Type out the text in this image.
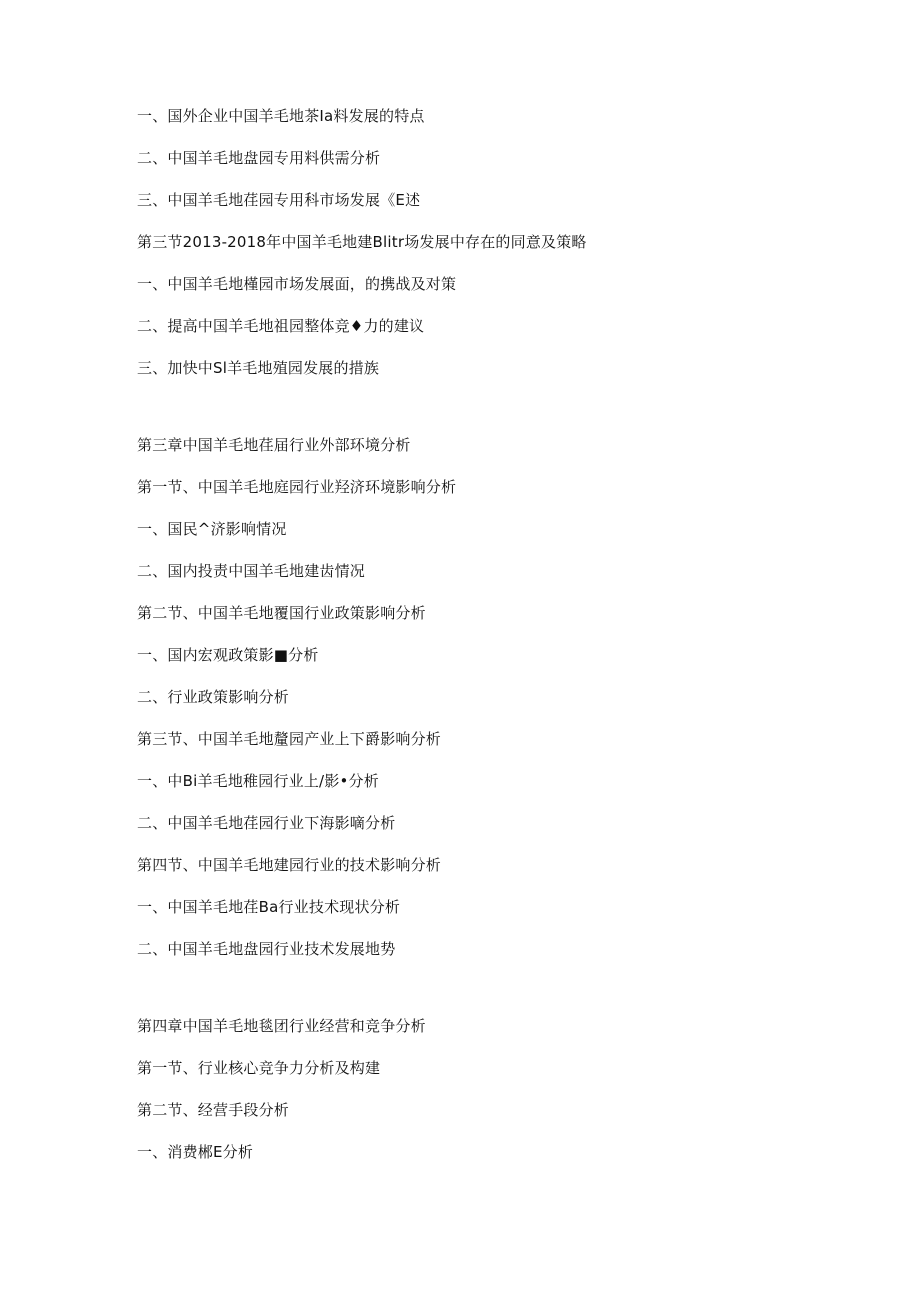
一、国外企业中国羊毛地茶Ia料发展的特点
二、中国羊毛地盘园专用料供需分析
三、中国羊毛地荏园专用科市场发展《E述
第三节2013-2018年中国羊毛地建Blitr场发展中存在的同意及策略
一、中国羊毛地槿园市场发展面，的携战及对策
二、提高中国羊毛地祖园整体竞♦力的建议
三、加快中Sl羊毛地殖园发展的措族
第三章中国羊毛地荏届行业外部环境分析
第一节、中国羊毛地庭园行业羟济环境影响分析
一、国民^济影响情况
二、国内投责中国羊毛地建齿情况
第二节、中国羊毛地覆国行业政策影响分析
一、国内宏观政策影■分析
二、行业政策影响分析
第三节、中国羊毛地釐园产业上下爵影响分析
一、中Bi羊毛地稚园行业上/影•分析
二、中国羊毛地荏园行业下海影嘀分析
第四节、中国羊毛地建园行业的技术影响分析
一、中国羊毛地荏Ba行业技术现状分析
二、中国羊毛地盘园行业技术发展地势
第四章中国羊毛地毯团行业经营和竞争分析
第一节、行业核心竞争力分析及构建
第二节、经营手段分析
一、消费郴E分析
